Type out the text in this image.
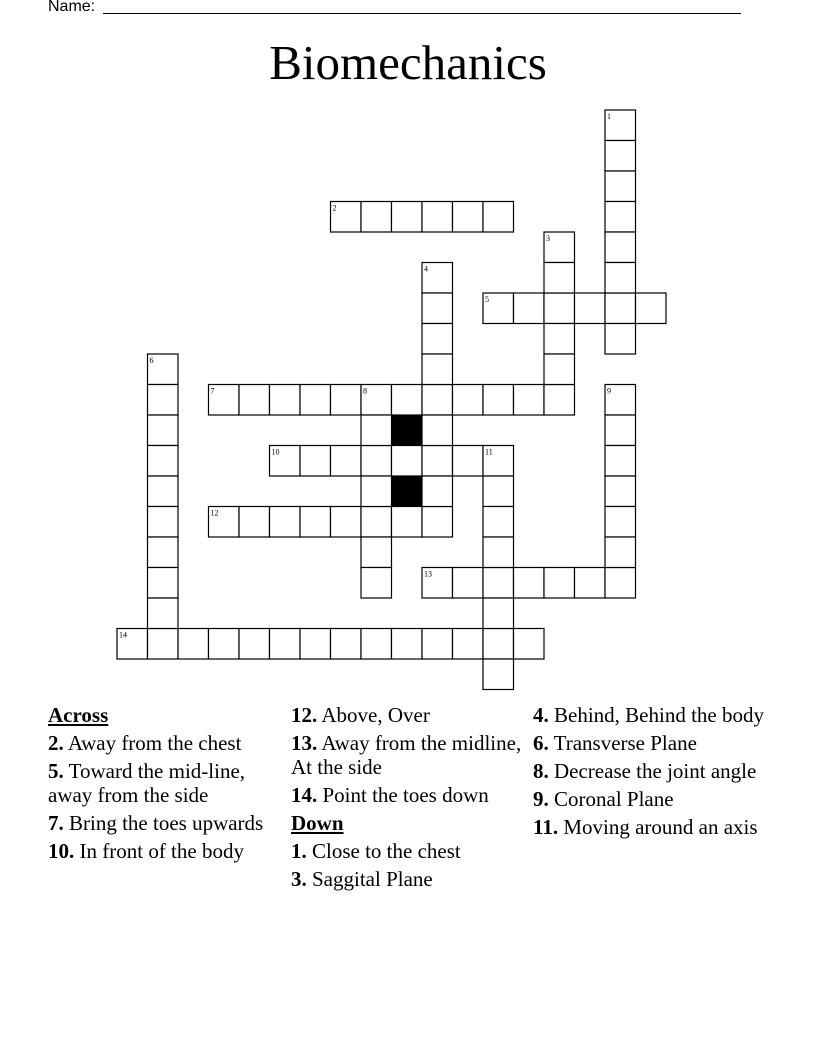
Name:
Biomechanics
2
5
7
10
12
13
14
1
3
4
6
8	9
11
Across
2. Away from the chest
5. Toward the mid-line, away from the side
7. Bring the toes upwards
10. In front of the body
12. Above, Over
13. Away from the midline, At the side
14. Point the toes down
Down
1. Close to the chest
3. Saggital Plane
4. Behind, Behind the body
6. Transverse Plane
8. Decrease the joint angle
9. Coronal Plane
11. Moving around an axis
